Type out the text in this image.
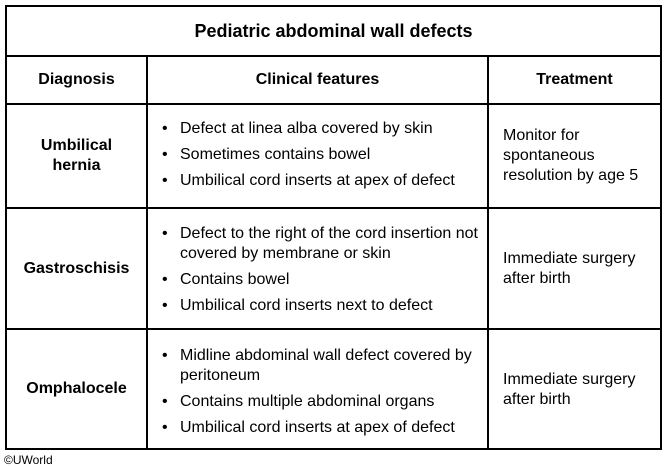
Pediatric abdominal wall defects
Diagnosis	Clinical features	Treatment
Umbilical hernia
• Defect at linea alba covered by skin
• Sometimes contains bowel
• Umbilical cord inserts at apex of defect
Monitor for spontaneous resolution by age 5
Gastroschisis
• Defect to the right of the cord insertion not covered by membrane or skin
• Contains bowel
• Umbilical cord inserts next to defect
Immediate surgery after birth
Omphalocele
• Midline abdominal wall defect covered by peritoneum
• Contains multiple abdominal organs
• Umbilical cord inserts at apex of defect
Immediate surgery after birth
©UWorld
